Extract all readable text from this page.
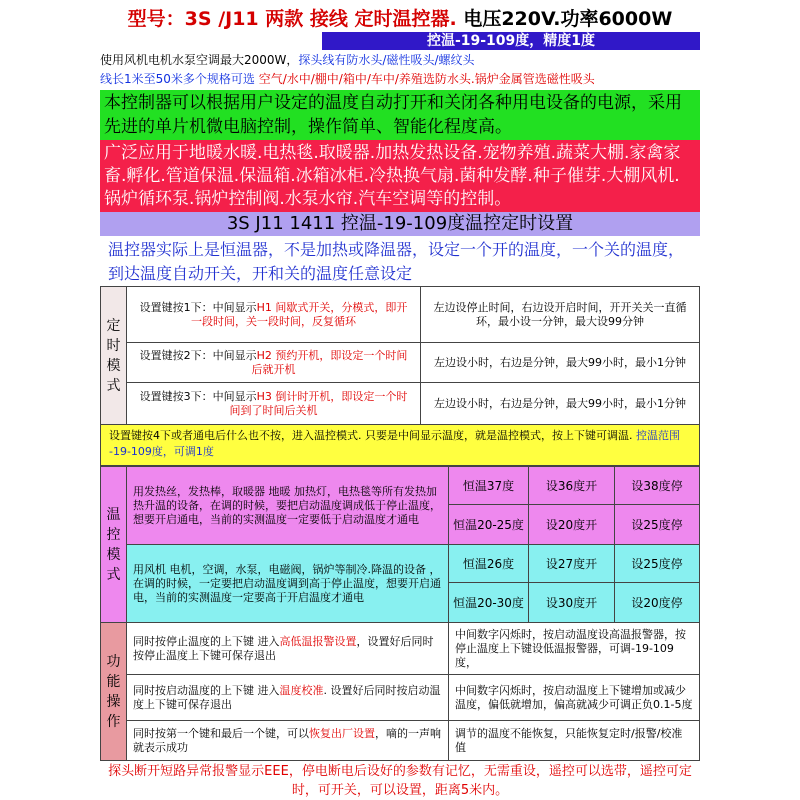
型号：3S /J11 两款 接线 定时温控器. 电压220V.功率6000W
控温-19-109度，精度1度
使用风机电机水泵空调最大2000W，探头线有防水头/磁性吸头/螺纹头
线长1米至50米多个规格可选 空气/水中/棚中/箱中/车中/养殖选防水头.锅炉金属管选磁性吸头
本控制器可以根据用户设定的温度自动打开和关闭各种用电设备的电源，采用先进的单片机微电脑控制，操作简单、智能化程度高。
广泛应用于地暖水暖.电热毯.取暖器.加热发热设备.宠物养殖.蔬菜大棚.家禽家畜.孵化.管道保温.保温箱.冰箱冰柜.冷热换气扇.菌种发酵.种子催芽.大棚风机.锅炉循环泵.锅炉控制阀.水泵水帘.汽车空调等的控制。
3S J11 1411 控温-19-109度温控定时设置
温控器实际上是恒温器，不是加热或降温器，设定一个开的温度，一个关的温度，到达温度自动开关，开和关的温度任意设定
定
时
模
式	设置键按1下：中间显示H1 间歇式开关，分模式，即开一段时间，关一段时间，反复循环	左边设停止时间，右边设开启时间，开开关关一直循环，最小设一分钟，最大设99分钟
	设置键按2下：中间显示H2 预约开机，即设定一个时间后就开机	左边设小时，右边是分钟，最大99小时，最小1分钟
	设置键按3下：中间显示H3 倒计时开机，即设定一个时间到了时间后关机	左边设小时，右边是分钟，最大99小时，最小1分钟
设置键按4下或者通电后什么也不按，进入温控模式. 只要是中间显示温度，就是温控模式，按上下键可调温. 控温范围 -19-109度，可调1度
温
控
模
式	用发热丝，发热棒，取暖器 地暖 加热灯，电热毯等所有发热加热升温的设备，在调的时候，要把启动温度调成低于停止温度，想要开启通电，当前的实测温度一定要低于启动温度才通电	恒温37度	设36度开	设38度停
		恒温20-25度	设20度开	设25度停
	用风机 电机，空调，水泵，电磁阀，锅炉等制冷.降温的设备 ，在调的时候，一定要把启动温度调到高于停止温度，想要开启通电，当前的实测温度一定要高于开启温度才通电	恒温26度	设27度开	设25度停
		恒温20-30度	设30度开	设20度停
功
能
操
作	同时按停止温度的上下键 进入高低温报警设置，设置好后同时按停止温度上下键可保存退出	中间数字闪烁时，按启动温度设高温报警器，按停止温度上下键设低温报警器，可调-19-109度，
	同时按启动温度的上下键 进入温度校准. 设置好后同时按启动温度上下键可保存退出	中间数字闪烁时，按启动温度上下键增加或减少温度，偏低就增加，偏高就减少可调正负0.1-5度
	同时按第一个键和最后一个键，可以恢复出厂设置，嘀的一声响就表示成功	调节的温度不能恢复，只能恢复定时/报警/校准值
探头断开短路异常报警显示EEE，停电断电后设好的参数有记忆，无需重设，遥控可以选带，遥控可定时，可开关，可以设置，距离5米内。
